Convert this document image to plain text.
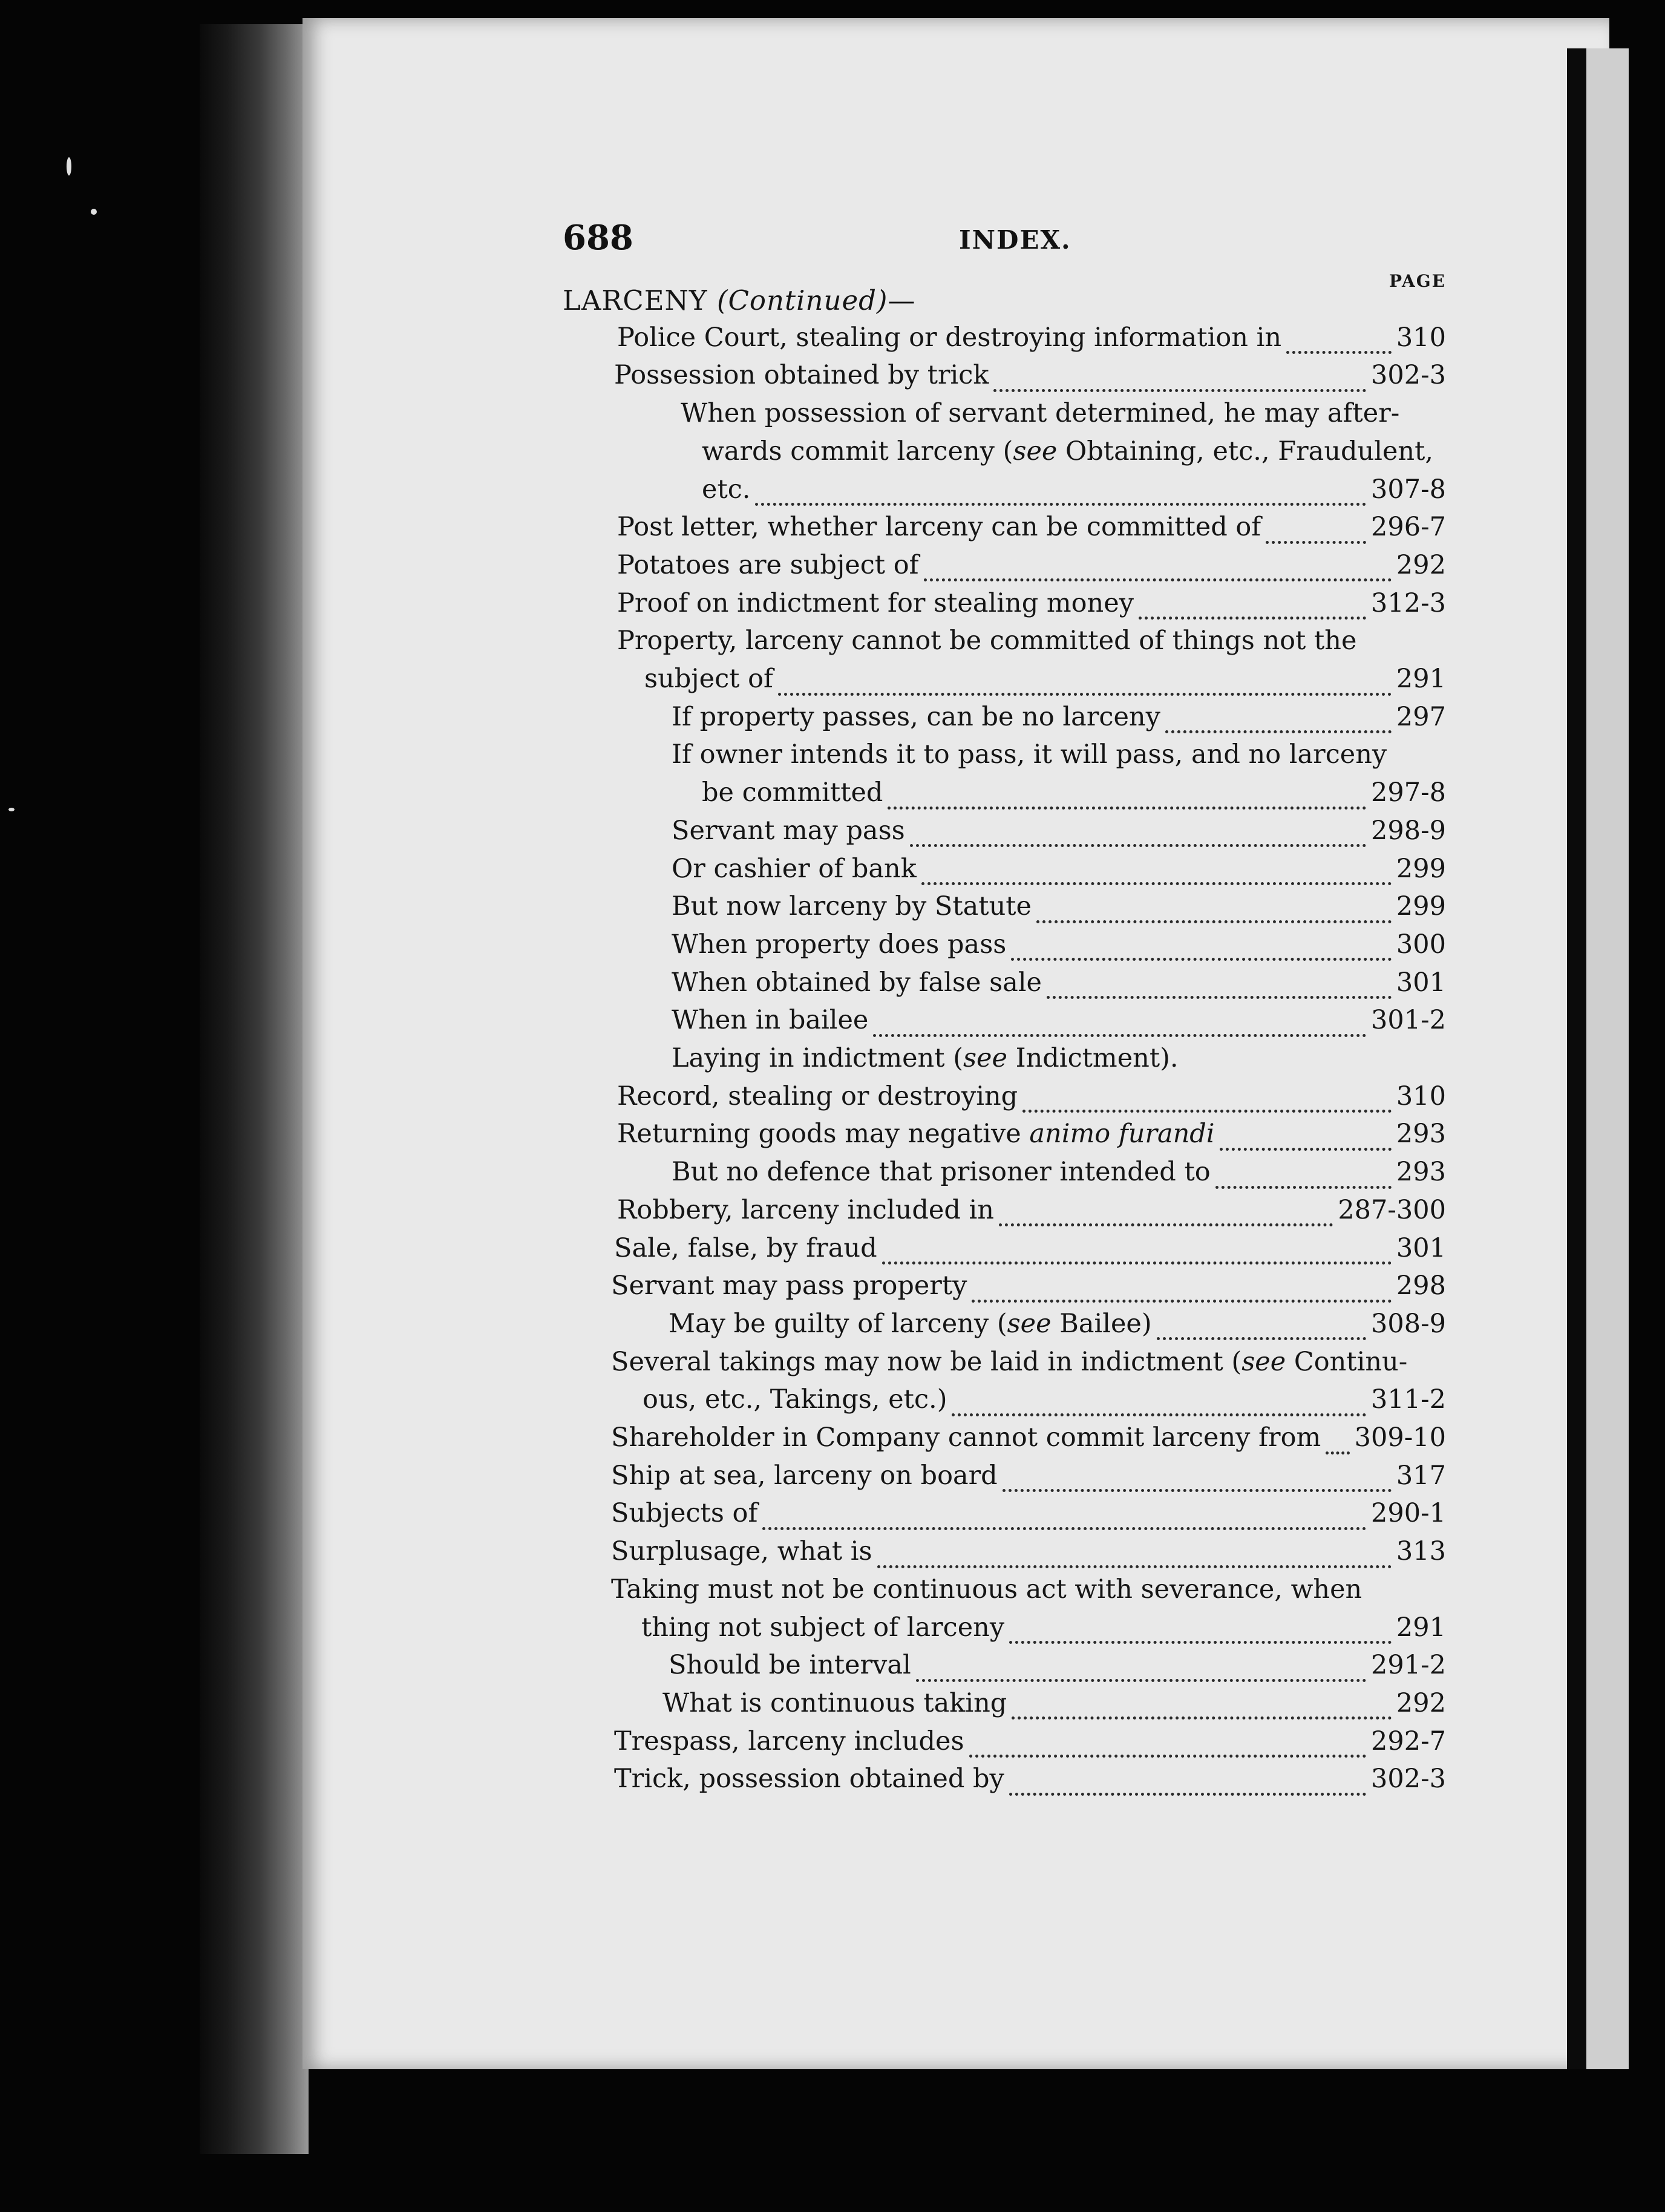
688	INDEX.
PAGE
LARCENY (Continued)—
Police Court, stealing or destroying information in	310
Possession obtained by trick	302-3
When possession of servant determined, he may after-
wards commit larceny (see Obtaining, etc., Fraudulent,
etc.	307-8
Post letter, whether larceny can be committed of	296-7
Potatoes are subject of	292
Proof on indictment for stealing money	312-3
Property, larceny cannot be committed of things not the
subject of	291
If property passes, can be no larceny	297
If owner intends it to pass, it will pass, and no larceny
be committed	297-8
Servant may pass	298-9
Or cashier of bank	299
But now larceny by Statute	299
When property does pass	300
When obtained by false sale	301
When in bailee	301-2
Laying in indictment (see Indictment).
Record, stealing or destroying	310
Returning goods may negative animo furandi	293
But no defence that prisoner intended to	293
Robbery, larceny included in	287-300
Sale, false, by fraud	301
Servant may pass property	298
May be guilty of larceny (see Bailee)	308-9
Several takings may now be laid in indictment (see Continu-
ous, etc., Takings, etc.)	311-2
Shareholder in Company cannot commit larceny from 309-10
Ship at sea, larceny on board	317
Subjects of	290-1
Surplusage, what is	313
Taking must not be continuous act with severance, when
thing not subject of larceny	291
Should be interval	291-2
What is continuous taking	292
Trespass, larceny includes	292-7
Trick, possession obtained by	302-3
